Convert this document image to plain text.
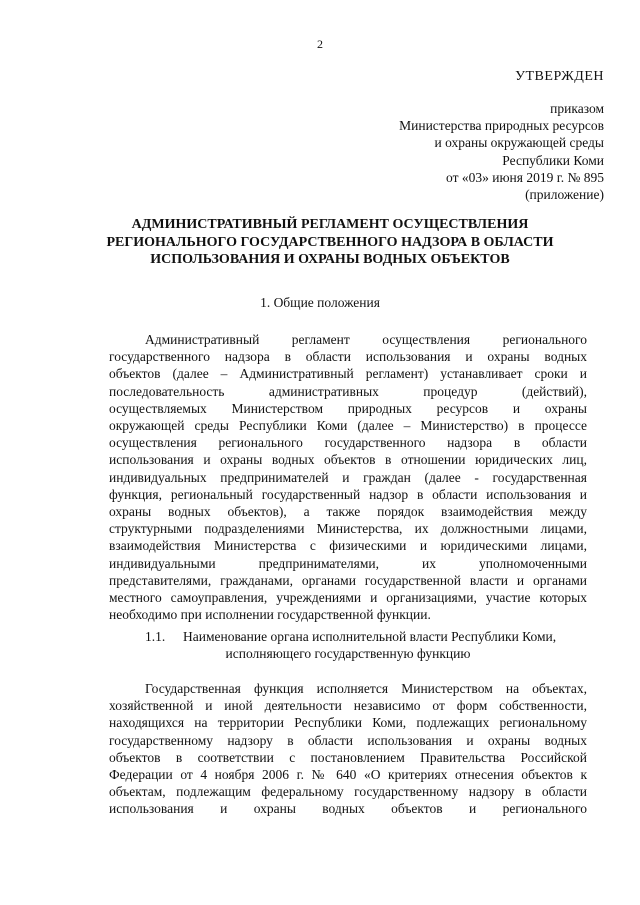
2
УТВЕРЖДЕН
приказом
Министерства природных ресурсов
и охраны окружающей среды
Республики Коми
от «03» июня 2019 г. № 895
(приложение)
АДМИНИСТРАТИВНЫЙ РЕГЛАМЕНТ ОСУЩЕСТВЛЕНИЯ
РЕГИОНАЛЬНОГО ГОСУДАРСТВЕННОГО НАДЗОРА В ОБЛАСТИ
ИСПОЛЬЗОВАНИЯ И ОХРАНЫ ВОДНЫХ ОБЪЕКТОВ
1. Общие положения
Административный регламент осуществления регионального
государственного надзора в области использования и охраны водных
объектов (далее – Административный регламент) устанавливает сроки и
последовательность административных процедур (действий),
осуществляемых Министерством природных ресурсов и охраны
окружающей среды Республики Коми (далее – Министерство) в процессе
осуществления регионального государственного надзора в области
использования и охраны водных объектов в отношении юридических лиц,
индивидуальных предпринимателей и граждан (далее - государственная
функция, региональный государственный надзор в области использования и
охраны водных объектов), а также порядок взаимодействия между
структурными подразделениями Министерства, их должностными лицами,
взаимодействия Министерства с физическими и юридическими лицами,
индивидуальными предпринимателями, их уполномоченными
представителями, гражданами, органами государственной власти и органами
местного самоуправления, учреждениями и организациями, участие которых
необходимо при исполнении государственной функции.
1.1. Наименование органа исполнительной власти Республики Коми,
исполняющего государственную функцию
Государственная функция исполняется Министерством на объектах,
хозяйственной и иной деятельности независимо от форм собственности,
находящихся на территории Республики Коми, подлежащих региональному
государственному надзору в области использования и охраны водных
объектов в соответствии с постановлением Правительства Российской
Федерации от 4 ноября 2006 г. № 640 «О критериях отнесения объектов к
объектам, подлежащим федеральному государственному надзору в области
использования и охраны водных объектов и регионального
